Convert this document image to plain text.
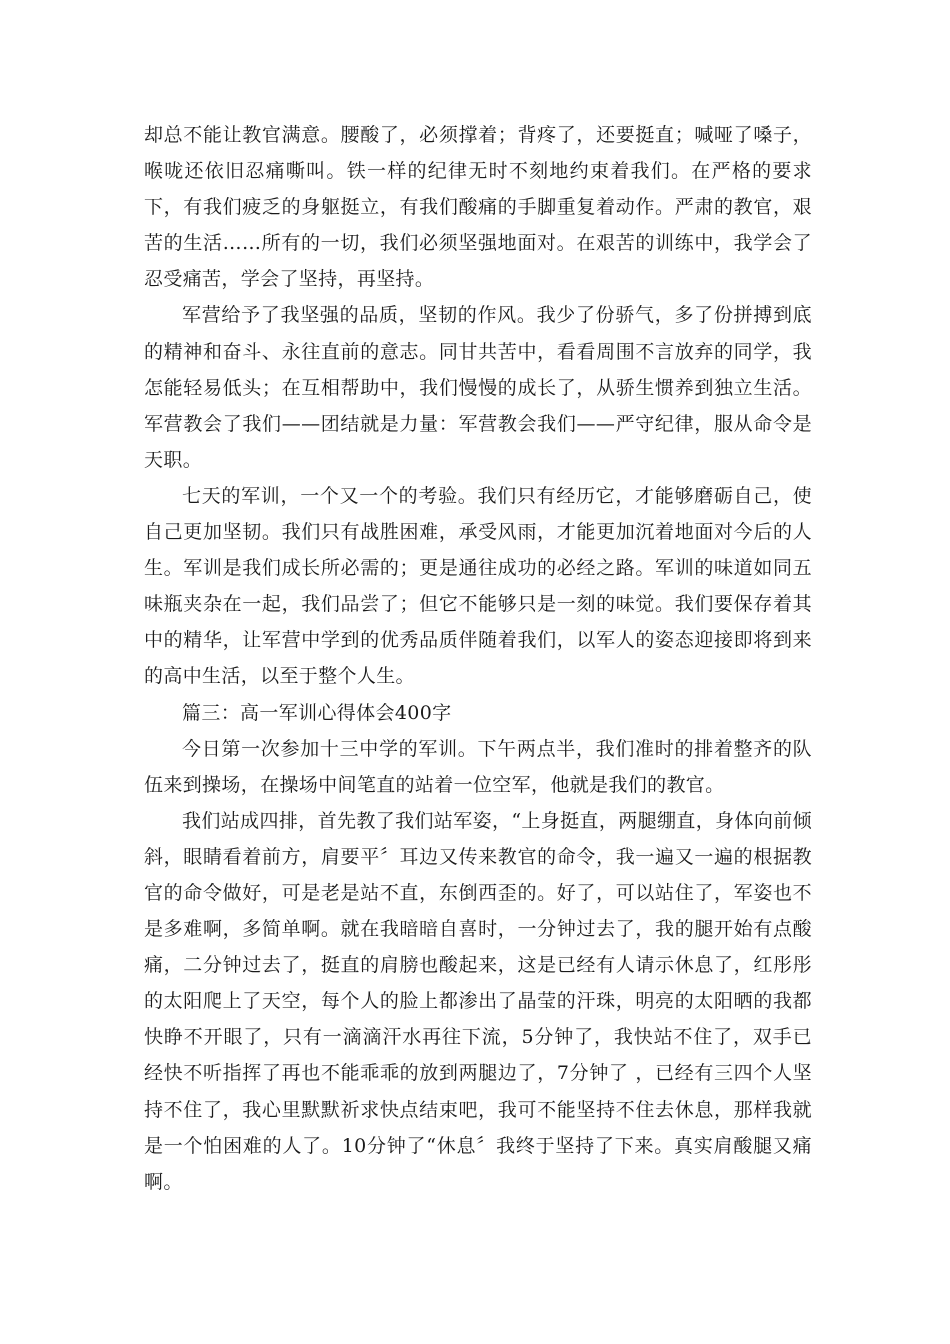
却总不能让教官满意。腰酸了，必须撑着；背疼了，还要挺直；喊哑了嗓子，喉咙还依旧忍痛嘶叫。铁一样的纪律无时不刻地约束着我们。在严格的要求下，有我们疲乏的身躯挺立，有我们酸痛的手脚重复着动作。严肃的教官，艰苦的生活……所有的一切，我们必须坚强地面对。在艰苦的训练中，我学会了忍受痛苦，学会了坚持，再坚持。

军营给予了我坚强的品质，坚韧的作风。我少了份骄气，多了份拼搏到底的精神和奋斗、永往直前的意志。同甘共苦中，看看周围不言放弃的同学，我怎能轻易低头；在互相帮助中，我们慢慢的成长了，从骄生惯养到独立生活。军营教会了我们——团结就是力量：军营教会我们——严守纪律，服从命令是天职。

七天的军训，一个又一个的考验。我们只有经历它，才能够磨砺自己，使自己更加坚韧。我们只有战胜困难，承受风雨，才能更加沉着地面对今后的人生。军训是我们成长所必需的；更是通往成功的必经之路。军训的味道如同五味瓶夹杂在一起，我们品尝了；但它不能够只是一刻的味觉。我们要保存着其中的精华，让军营中学到的优秀品质伴随着我们，以军人的姿态迎接即将到来的高中生活，以至于整个人生。

篇三：高一军训心得体会400字

今日第一次参加十三中学的军训。下午两点半，我们准时的排着整齐的队伍来到操场，在操场中间笔直的站着一位空军，他就是我们的教官。

我们站成四排，首先教了我们站军姿，“上身挺直，两腿绷直，身体向前倾斜，眼睛看着前方，肩要平〞耳边又传来教官的命令，我一遍又一遍的根据教官的命令做好，可是老是站不直，东倒西歪的。好了，可以站住了，军姿也不是多难啊，多简单啊。就在我暗暗自喜时，一分钟过去了，我的腿开始有点酸痛，二分钟过去了，挺直的肩膀也酸起来，这是已经有人请示休息了，红彤彤的太阳爬上了天空，每个人的脸上都渗出了晶莹的汗珠，明亮的太阳晒的我都快睁不开眼了，只有一滴滴汗水再往下流，5分钟了，我快站不住了，双手已经快不听指挥了再也不能乖乖的放到两腿边了，7分钟了 ，已经有三四个人坚持不住了，我心里默默祈求快点结束吧，我可不能坚持不住去休息，那样我就是一个怕困难的人了。10分钟了“休息〞我终于坚持了下来。真实肩酸腿又痛啊。
